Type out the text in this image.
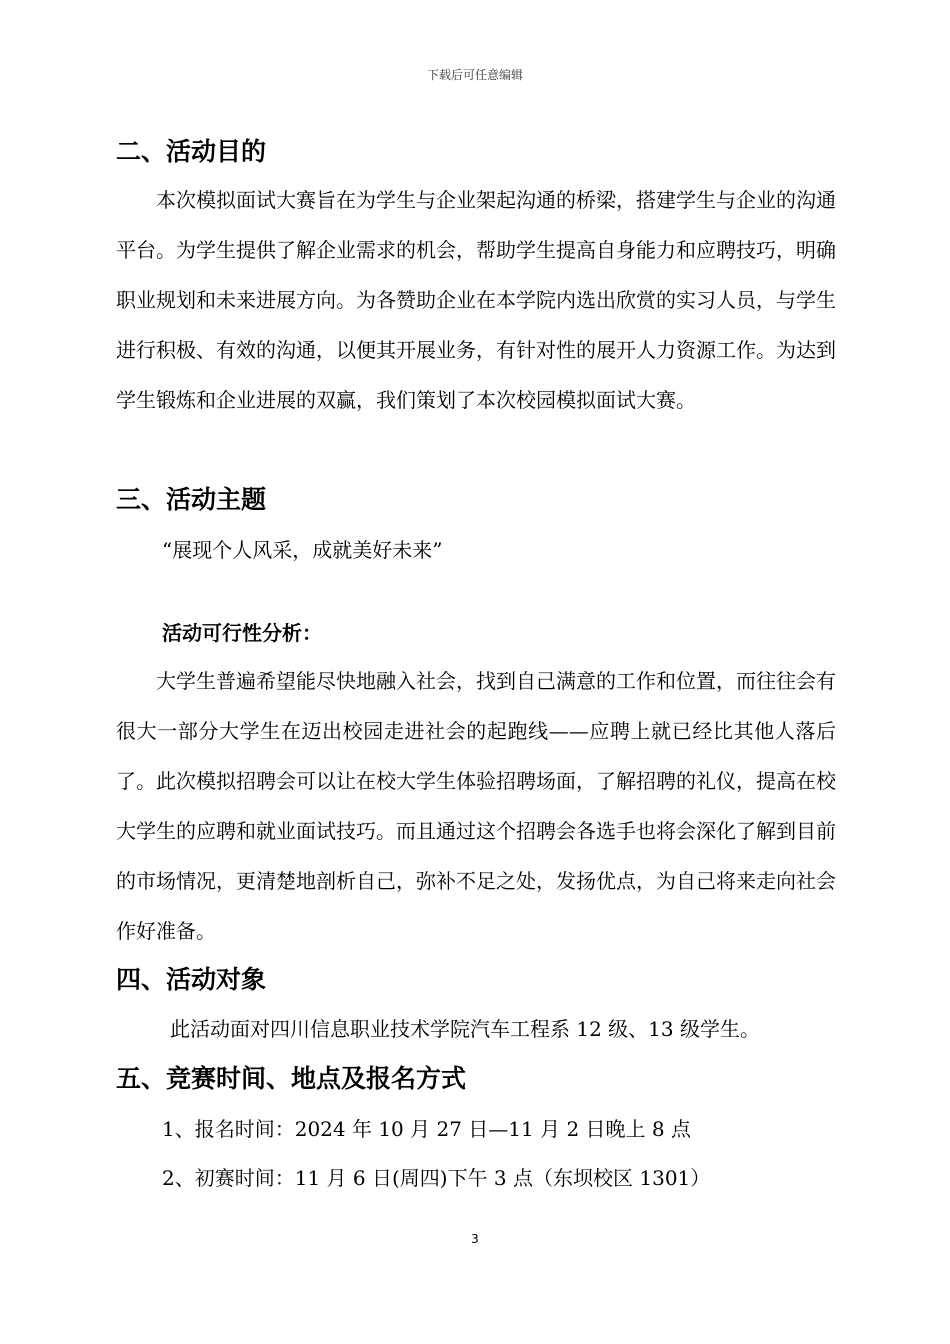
下载后可任意编辑
二、活动目的

本次模拟面试大赛旨在为学生与企业架起沟通的桥梁，搭建学生与企业的沟通平台。为学生提供了解企业需求的机会，帮助学生提高自身能力和应聘技巧，明确职业规划和未来进展方向。为各赞助企业在本学院内选出欣赏的实习人员，与学生进行积极、有效的沟通，以便其开展业务，有针对性的展开人力资源工作。为达到学生锻炼和企业进展的双赢，我们策划了本次校园模拟面试大赛。

三、活动主题
“展现个人风采，成就美好未来”
活动可行性分析：

大学生普遍希望能尽快地融入社会，找到自己满意的工作和位置，而往往会有很大一部分大学生在迈出校园走进社会的起跑线——应聘上就已经比其他人落后了。此次模拟招聘会可以让在校大学生体验招聘场面，了解招聘的礼仪，提高在校大学生的应聘和就业面试技巧。而且通过这个招聘会各选手也将会深化了解到目前的市场情况，更清楚地剖析自己，弥补不足之处，发扬优点，为自己将来走向社会作好准备。

四、活动对象
此活动面对四川信息职业技术学院汽车工程系 12 级、13 级学生。
五、竞赛时间、地点及报名方式
1、报名时间：2024 年 10 月 27 日—11 月 2 日晚上 8 点
2、初赛时间：11 月 6 日(周四)下午 3 点（东坝校区 1301）
3
